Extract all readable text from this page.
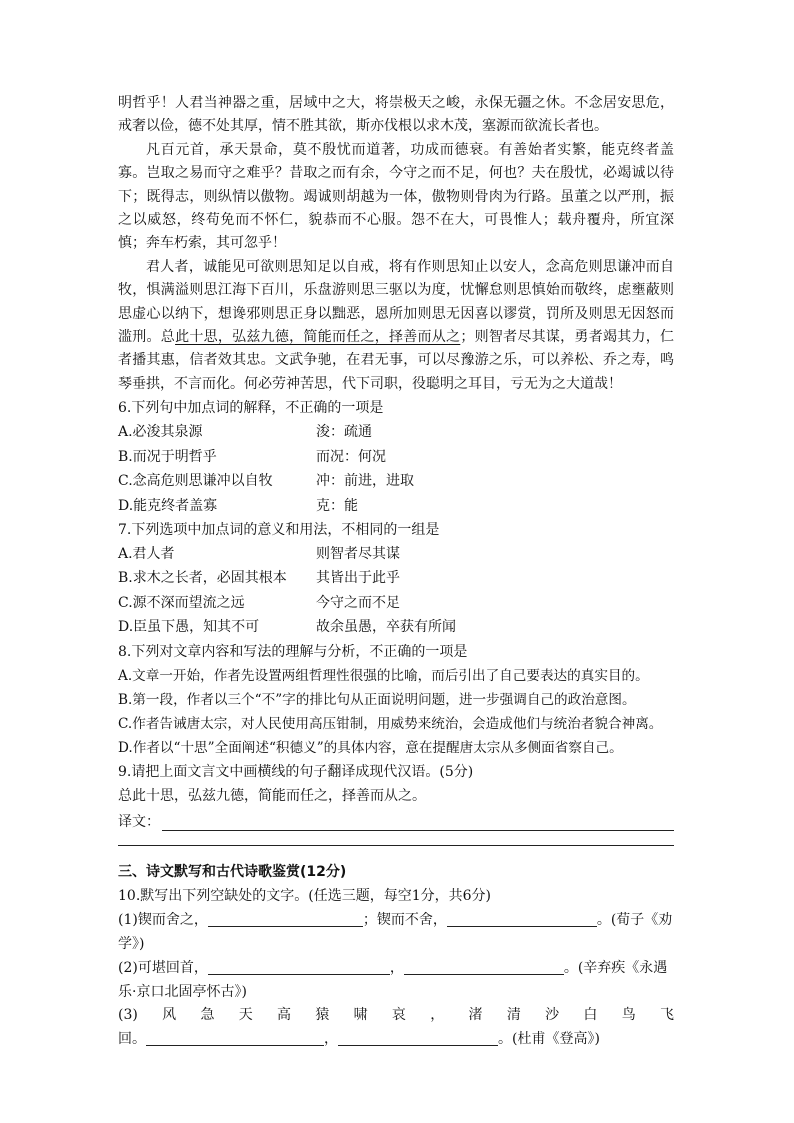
明哲乎！人君当神器之重，居域中之大，将崇极天之峻，永保无疆之休。不念居安思危，戒奢以俭，德不处其厚，情不胜其欲，斯亦伐根以求木茂，塞源而欲流长者也。

凡百元首，承天景命，莫不殷忧而道著，功成而德衰。有善始者实繁，能克终者盖寡。岂取之易而守之难乎？昔取之而有余，今守之而不足，何也？夫在殷忧，必竭诚以待下；既得志，则纵情以傲物。竭诚则胡越为一体，傲物则骨肉为行路。虽董之以严刑，振之以威怒，终苟免而不怀仁，貌恭而不心服。怨不在大，可畏惟人；载舟覆舟，所宜深慎；奔车朽索，其可忽乎！

君人者，诚能见可欲则思知足以自戒，将有作则思知止以安人，念高危则思谦冲而自牧，惧满溢则思江海下百川，乐盘游则思三驱以为度，忧懈怠则思慎始而敬终，虑壅蔽则思虚心以纳下，想谗邪则思正身以黜恶，恩所加则思无因喜以谬赏，罚所及则思无因怒而滥刑。总此十思，弘兹九德，简能而任之，择善而从之；则智者尽其谋，勇者竭其力，仁者播其惠，信者效其忠。文武争驰，在君无事，可以尽豫游之乐，可以养松、乔之寿，鸣琴垂拱，不言而化。何必劳神苦思，代下司职，役聪明之耳目，亏无为之大道哉！

6.下列句中加点词的解释，不正确的一项是

A.必浚其泉源	浚：疏通
B.而况于明哲乎	而况：何况
C.念高危则思谦冲以自牧	冲：前进，进取
D.能克终者盖寡	克：能

7.下列选项中加点词的意义和用法，不相同的一组是

A.君人者	则智者尽其谋
B.求木之长者，必固其根本	其皆出于此乎
C.源不深而望流之远	今守之而不足
D.臣虽下愚，知其不可	故余虽愚，卒获有所闻

8.下列对文章内容和写法的理解与分析，不正确的一项是

A.文章一开始，作者先设置两组哲理性很强的比喻，而后引出了自己要表达的真实目的。

B.第一段，作者以三个“不”字的排比句从正面说明问题，进一步强调自己的政治意图。

C.作者告诫唐太宗，对人民使用高压钳制，用威势来统治，会造成他们与统治者貌合神离。

D.作者以“十思”全面阐述“积德义”的具体内容，意在提醒唐太宗从多侧面省察自己。

9.请把上面文言文中画横线的句子翻译成现代汉语。(5分)

总此十思，弘兹九德，简能而任之，择善而从之。

译文：

三、诗文默写和古代诗歌鉴赏(12分)

10.默写出下列空缺处的文字。(任选三题，每空1分，共6分)

(1)锲而舍之，	；锲而不舍，	。(荀子《劝学》)

(2)可堪回首，	，	。(辛弃疾《永遇

乐·京口北固亭怀古》)

(3) 风 急 天 高 猿 啸 哀 ， 渚 清 沙 白 鸟 飞

回。	，	。(杜甫《登高》)
